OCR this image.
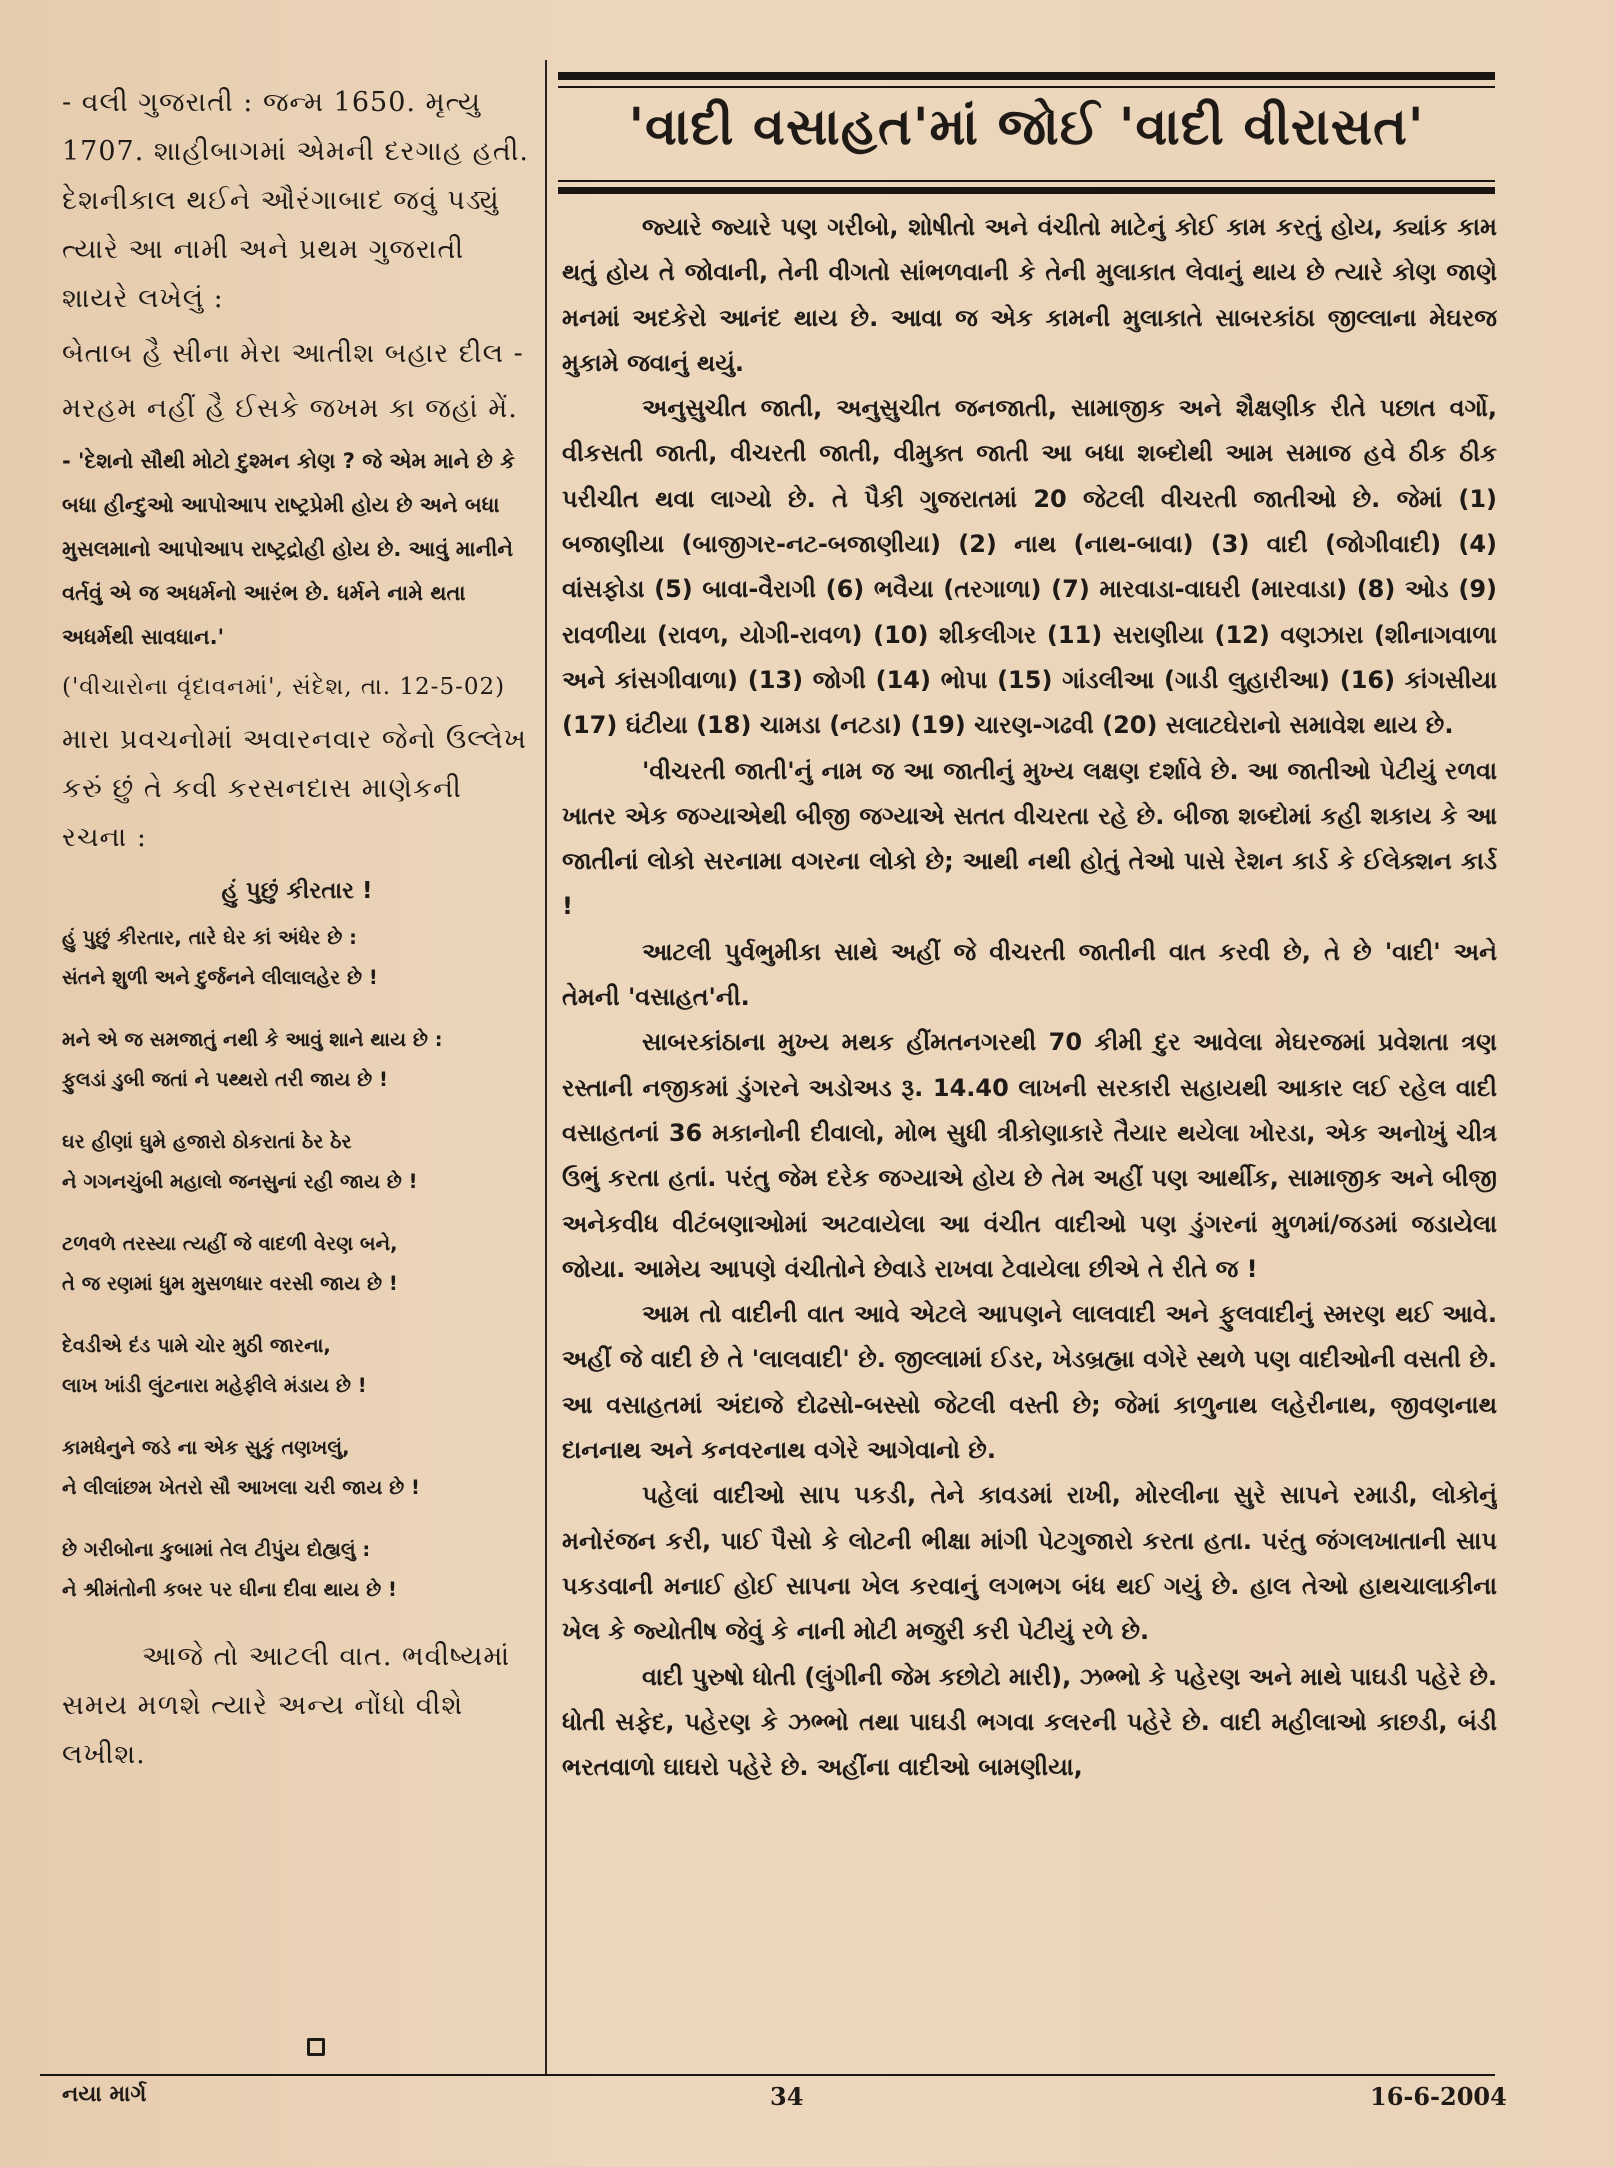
- વલી ગુજરાતી : જન્મ 1650. મૃત્યુ 1707. શાહીબાગમાં એમની દરગાહ હતી. દેશનીકાલ થઈને ઔરંગાબાદ જવું પડ્યું ત્યારે આ નામી અને પ્રથમ ગુજરાતી શાયરે લખેલું :

બેતાબ હૈ સીના મેરા આતીશ બહાર દીલ -

મરહમ નહીં હૈ ઈસકે જખમ કા જહાં મેં.

- 'દેશનો સૌથી મોટો દુશ્મન કોણ ? જે એમ માને છે કે બધા હીન્દુઓ આપોઆપ રાષ્ટ્રપ્રેમી હોય છે અને બધા મુસલમાનો આપોઆપ રાષ્ટ્રદ્રોહી હોય છે. આવું માનીને વર્તવું એ જ અધર્મનો આરંભ છે. ધર્મને નામે થતા અધર્મથી સાવધાન.'

('વીચારોના વૃંદાવનમાં', સંદેશ, તા. 12-5-02)

મારા પ્રવચનોમાં અવારનવાર જેનો ઉલ્લેખ કરું છું તે કવી કરસનદાસ માણેકની રચના :

હું પુછું કીરતાર !
હું પુછું કીરતાર, તારે ઘેર કાં અંધેર છે :
સંતને શુળી અને દુર્જનને લીલાલહેર છે !
મને એ જ સમજાતું નથી કે આવું શાને થાય છે :
ફુલડાં ડુબી જતાં ને પથ્થરો તરી જાય છે !
ઘર હીણાં ઘુમે હજારો ઠોકરાતાં ઠેર ઠેર
ને ગગનચુંબી મહાલો જનસુનાં રહી જાય છે !
ટળવળે તરસ્યા ત્યહીં જે વાદળી વેરણ બને,
તે જ રણમાં ધુમ મુસળધાર વરસી જાય છે !
દેવડીએ દંડ પામે ચોર મુઠી જારના,
લાખ ખાંડી લુંટનારા મહેફીલે મંડાય છે !
કામધેનુને જડે ના એક સુકું તણખલું,
ને લીલાંછમ ખેતરો સૌ આખલા ચરી જાય છે !
છે ગરીબોના કુબામાં તેલ ટીપુંય દોહ્યલું :
ને શ્રીમંતોની કબર પર ઘીના દીવા થાય છે !

આજે તો આટલી વાત. ભવીષ્યમાં સમય મળશે ત્યારે અન્ય નોંધો વીશે લખીશ.

'વાદી વસાહત'માં જોઈ 'વાદી વીરાસત'

જ્યારે જ્યારે પણ ગરીબો, શોષીતો અને વંચીતો માટેનું કોઈ કામ કરતું હોય, ક્યાંક કામ થતું હોય તે જોવાની, તેની વીગતો સાંભળવાની કે તેની મુલાકાત લેવાનું થાય છે ત્યારે કોણ જાણે મનમાં અદકેરો આનંદ થાય છે. આવા જ એક કામની મુલાકાતે સાબરકાંઠા જીલ્લાના મેઘરજ મુકામે જવાનું થયું.

અનુસુચીત જાતી, અનુસુચીત જનજાતી, સામાજીક અને શૈક્ષણીક રીતે પછાત વર્ગો, વીકસતી જાતી, વીચરતી જાતી, વીમુક્ત જાતી આ બધા શબ્દોથી આમ સમાજ હવે ઠીક ઠીક પરીચીત થવા લાગ્યો છે. તે પૈકી ગુજરાતમાં 20 જેટલી વીચરતી જાતીઓ છે. જેમાં (1) બજાણીયા (બાજીગર-નટ-બજાણીયા) (2) નાથ (નાથ-બાવા) (3) વાદી (જોગીવાદી) (4) વાંસફોડા (5) બાવા-વૈરાગી (6) ભવૈયા (તરગાળા) (7) મારવાડા-વાઘરી (મારવાડા) (8) ઓડ (9) રાવળીયા (રાવળ, યોગી-રાવળ) (10) શીકલીગર (11) સરાણીયા (12) વણઝારા (શીનાગવાળા અને કાંસગીવાળા) (13) જોગી (14) ભોપા (15) ગાંડલીઆ (ગાડી લુહારીઆ) (16) કાંગસીયા (17) ઘંટીયા (18) ચામડા (નટડા) (19) ચારણ-ગઢવી (20) સલાટઘેરાનો સમાવેશ થાય છે.

'વીચરતી જાતી'નું નામ જ આ જાતીનું મુખ્ય લક્ષણ દર્શાવે છે. આ જાતીઓ પેટીયું રળવા ખાતર એક જગ્યાએથી બીજી જગ્યાએ સતત વીચરતા રહે છે. બીજા શબ્દોમાં કહી શકાય કે આ જાતીનાં લોકો સરનામા વગરના લોકો છે; આથી નથી હોતું તેઓ પાસે રેશન કાર્ડ કે ઈલેક્શન કાર્ડ !

આટલી પુર્વભુમીકા સાથે અહીં જે વીચરતી જાતીની વાત કરવી છે, તે છે 'વાદી' અને તેમની 'વસાહત'ની.

સાબરકાંઠાના મુખ્ય મથક હીંમતનગરથી 70 કીમી દુર આવેલા મેઘરજમાં પ્રવેશતા ત્રણ રસ્તાની નજીકમાં ડુંગરને અડોઅડ રૂ. 14.40 લાખની સરકારી સહાયથી આકાર લઈ રહેલ વાદી વસાહતનાં 36 મકાનોની દીવાલો, મોભ સુધી ત્રીકોણાકારે તૈયાર થયેલા ખોરડા, એક અનોખું ચીત્ર ઉભું કરતા હતાં. પરંતુ જેમ દરેક જગ્યાએ હોય છે તેમ અહીં પણ આર્થીક, સામાજીક અને બીજી અનેકવીધ વીટંબણાઓમાં અટવાયેલા આ વંચીત વાદીઓ પણ ડુંગરનાં મુળમાં/જડમાં જડાયેલા જોયા. આમેય આપણે વંચીતોને છેવાડે રાખવા ટેવાયેલા છીએ તે રીતે જ !

આમ તો વાદીની વાત આવે એટલે આપણને લાલવાદી અને ફુલવાદીનું સ્મરણ થઈ આવે. અહીં જે વાદી છે તે 'લાલવાદી' છે. જીલ્લામાં ઈડર, ખેડબ્રહ્મા વગેરે સ્થળે પણ વાદીઓની વસતી છે. આ વસાહતમાં અંદાજે દોઢસો-બસ્સો જેટલી વસ્તી છે; જેમાં કાળુનાથ લહેરીનાથ, જીવણનાથ દાનનાથ અને કનવરનાથ વગેરે આગેવાનો છે.

પહેલાં વાદીઓ સાપ પકડી, તેને કાવડમાં રાખી, મોરલીના સુરે સાપને રમાડી, લોકોનું મનોરંજન કરી, પાઈ પૈસો કે લોટની ભીક્ષા માંગી પેટગુજારો કરતા હતા. પરંતુ જંગલખાતાની સાપ પકડવાની મનાઈ હોઈ સાપના ખેલ કરવાનું લગભગ બંધ થઈ ગયું છે. હાલ તેઓ હાથચાલાકીના ખેલ કે જ્યોતીષ જેવું કે નાની મોટી મજુરી કરી પેટીયું રળે છે.

વાદી પુરુષો ધોતી (લુંગીની જેમ કછોટો મારી), ઝભ્ભો કે પહેરણ અને માથે પાઘડી પહેરે છે. ધોતી સફેદ, પહેરણ કે ઝભ્ભો તથા પાઘડી ભગવા કલરની પહેરે છે. વાદી મહીલાઓ કાછડી, બંડી ભરતવાળો ઘાઘરો પહેરે છે. અહીંના વાદીઓ બામણીયા,

નયા માર્ગ	34	16-6-2004
